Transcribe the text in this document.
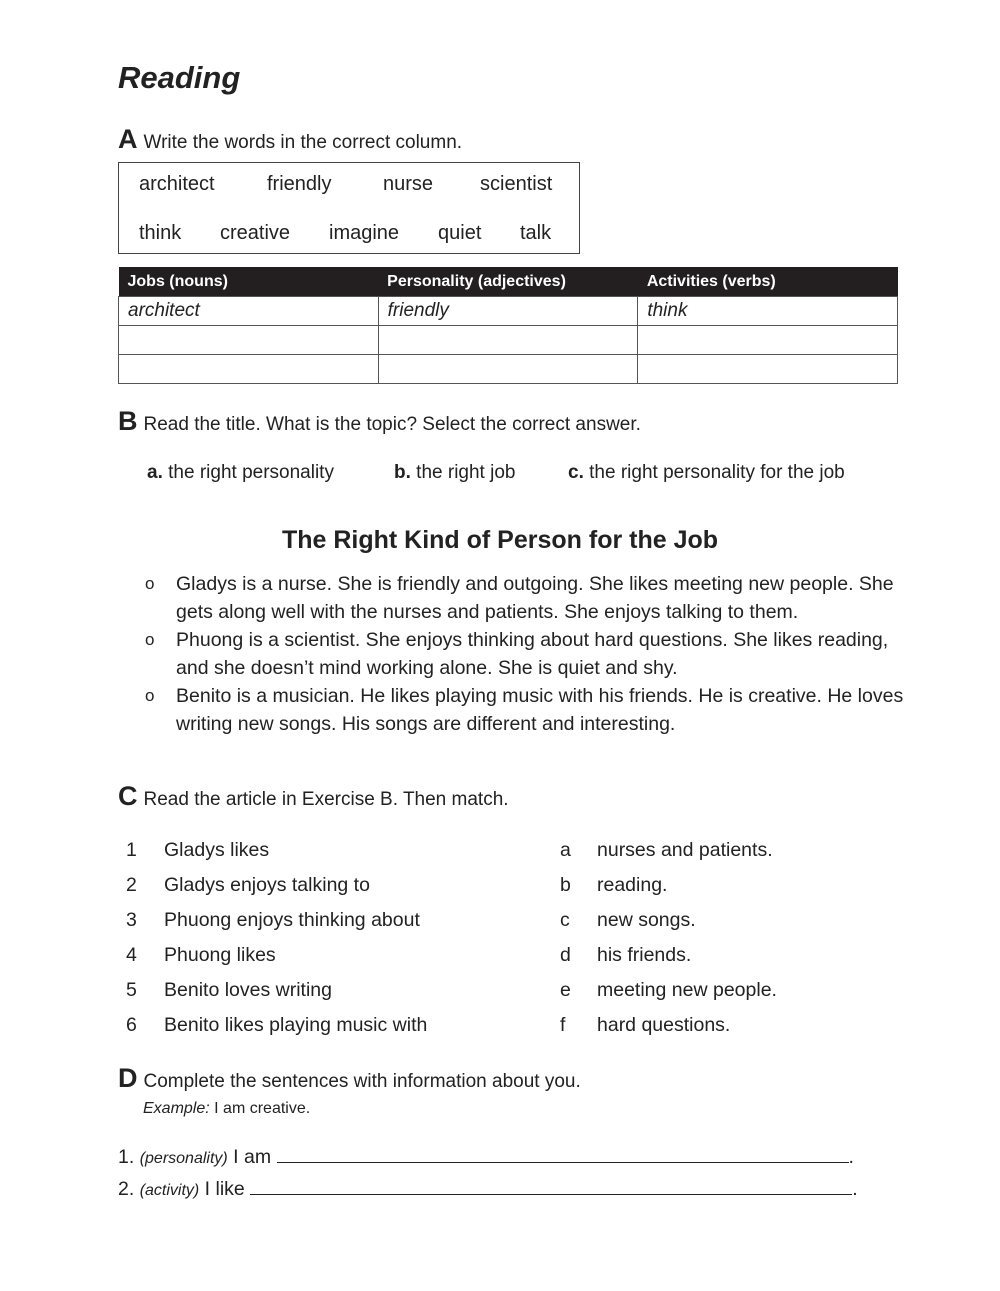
Reading
A Write the words in the correct column.
architect	friendly	nurse scientist
think creative imagine quiet talk
Jobs (nouns)	Personality (adjectives)	Activities (verbs)
architect	friendly	think

B Read the title. What is the topic? Select the correct answer.
a. the right personality	b. the right job	c. the right personality for the job
The Right Kind of Person for the Job
o Gladys is a nurse. She is friendly and outgoing. She likes meeting new people. She gets along well with the nurses and patients. She enjoys talking to them.
o Phuong is a scientist. She enjoys thinking about hard questions. She likes reading, and she doesn’t mind working alone. She is quiet and shy.
o Benito is a musician. He likes playing music with his friends. He is creative. He loves writing new songs. His songs are different and interesting.
C Read the article in Exercise B. Then match.
1 Gladys likes	a nurses and patients.
2 Gladys enjoys talking to	b reading.
3 Phuong enjoys thinking about	c new songs.
4 Phuong likes	d his friends.
5 Benito loves writing	e meeting new people.
6 Benito likes playing music with	f hard questions.
D Complete the sentences with information about you.
Example: I am creative.
1. (personality) I am	.
2. (activity) I like	.
